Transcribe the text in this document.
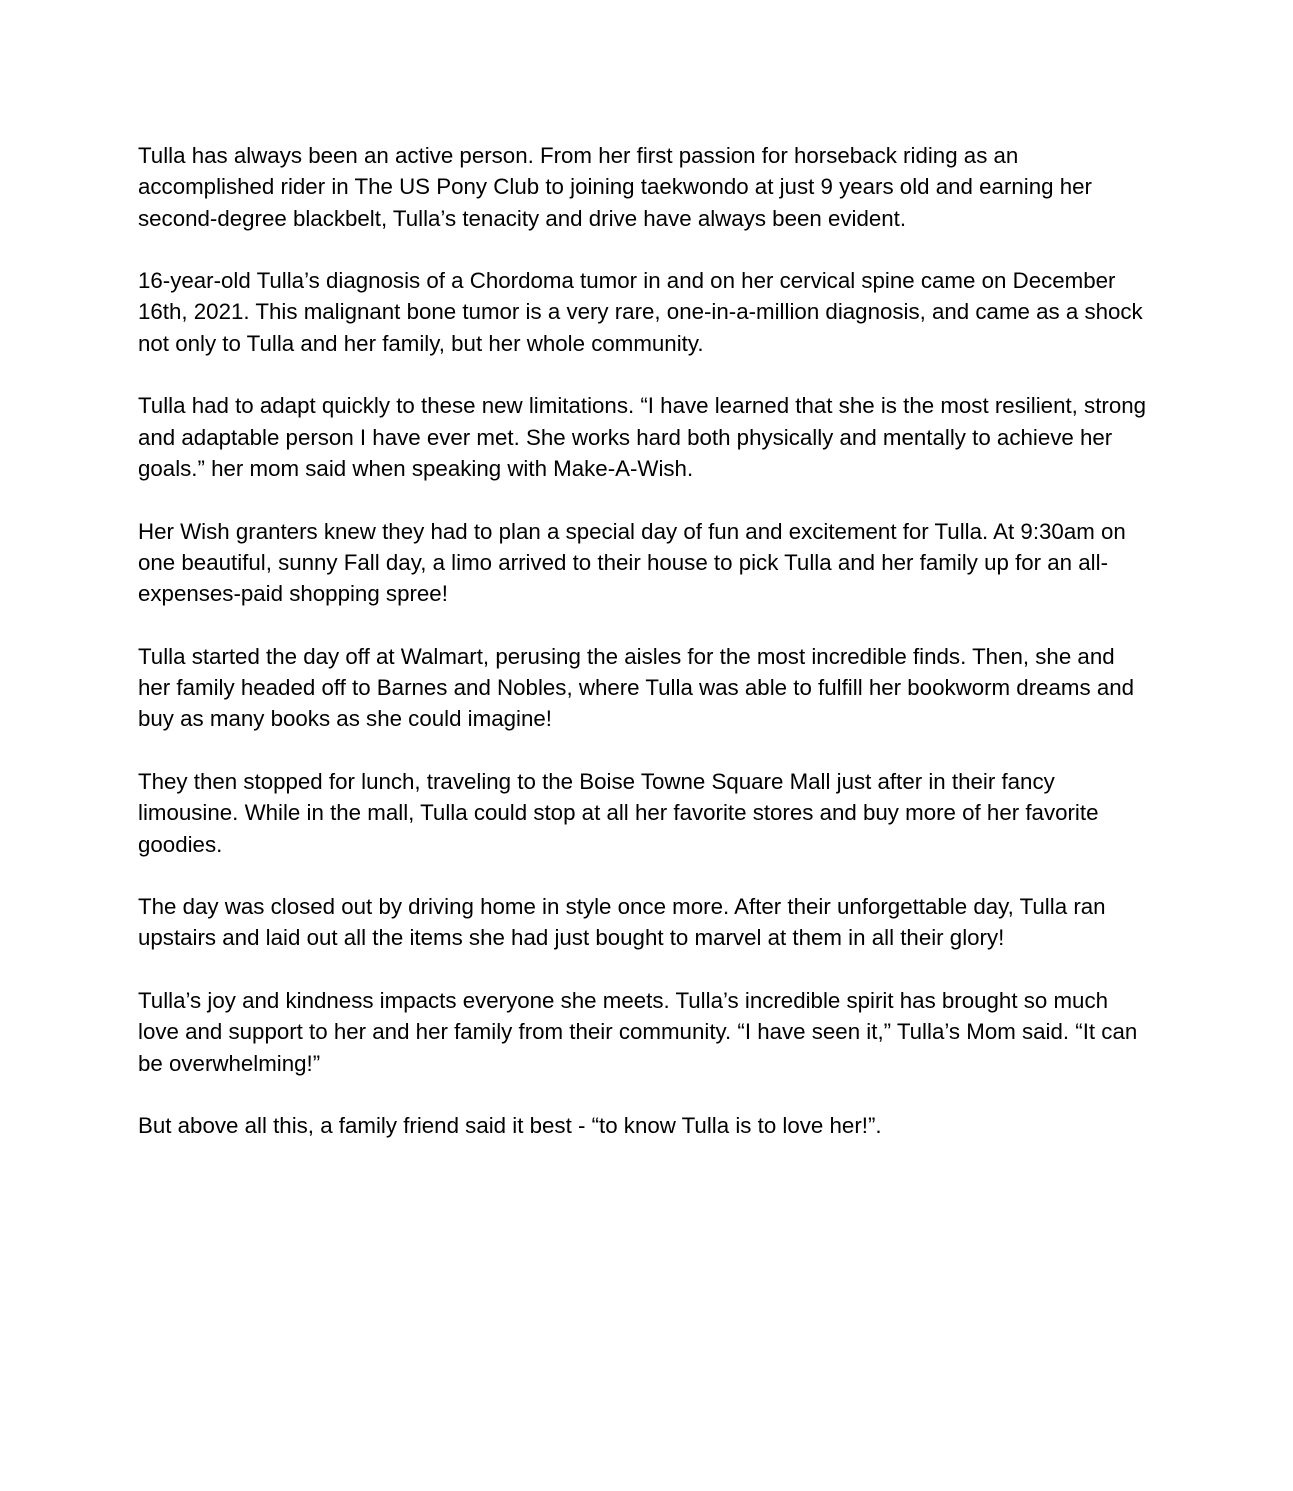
Tulla has always been an active person. From her first passion for horseback riding as an accomplished rider in The US Pony Club to joining taekwondo at just 9 years old and earning her second-degree blackbelt, Tulla’s tenacity and drive have always been evident.

16-year-old Tulla’s diagnosis of a Chordoma tumor in and on her cervical spine came on December 16th, 2021. This malignant bone tumor is a very rare, one-in-a-million diagnosis, and came as a shock not only to Tulla and her family, but her whole community.

Tulla had to adapt quickly to these new limitations. “I have learned that she is the most resilient, strong and adaptable person I have ever met. She works hard both physically and mentally to achieve her goals.” her mom said when speaking with Make-A-Wish.

Her Wish granters knew they had to plan a special day of fun and excitement for Tulla. At 9:30am on one beautiful, sunny Fall day, a limo arrived to their house to pick Tulla and her family up for an all-expenses-paid shopping spree!

Tulla started the day off at Walmart, perusing the aisles for the most incredible finds. Then, she and her family headed off to Barnes and Nobles, where Tulla was able to fulfill her bookworm dreams and buy as many books as she could imagine!

They then stopped for lunch, traveling to the Boise Towne Square Mall just after in their fancy limousine. While in the mall, Tulla could stop at all her favorite stores and buy more of her favorite goodies.

The day was closed out by driving home in style once more. After their unforgettable day, Tulla ran upstairs and laid out all the items she had just bought to marvel at them in all their glory!

Tulla’s joy and kindness impacts everyone she meets. Tulla’s incredible spirit has brought so much love and support to her and her family from their community. “I have seen it,” Tulla’s Mom said. “It can be overwhelming!”

But above all this, a family friend said it best - “to know Tulla is to love her!”.
